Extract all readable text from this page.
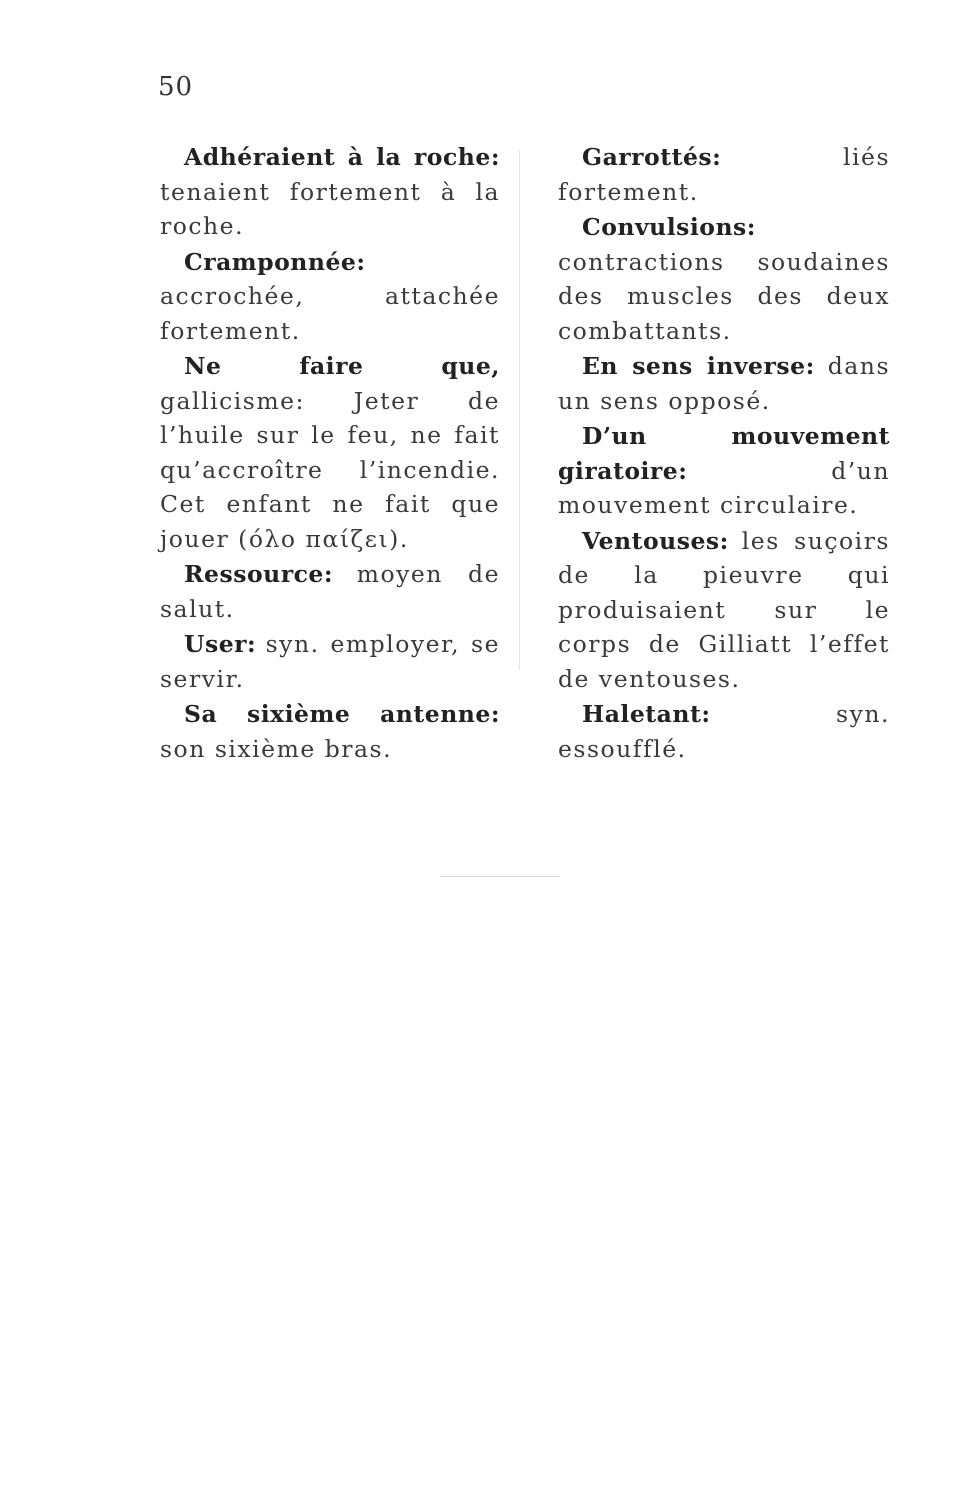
50

Adhéraient à la roche: tenaient fortement à la roche.

Cramponnée: accrochée, attachée fortement.

Ne faire que, gallicisme: Jeter de l’huile sur le feu, ne fait qu’accroître l’incendie. Cet enfant ne fait que jouer (όλο παίζει).

Ressource: moyen de salut.

User: syn. employer, se servir.

Sa sixième antenne: son sixième bras.

Garrottés:	liés fortement.

Convulsions: contractions soudaines des muscles des deux combattants.

En sens inverse: dans un sens opposé.

D’un mouvement giratoire:	d’un mouvement circulaire.

Ventouses: les suçoirs de la pieuvre qui produisaient sur le corps de Gilliatt l’effet de ventouses.

Haletant:	syn. essoufflé.
